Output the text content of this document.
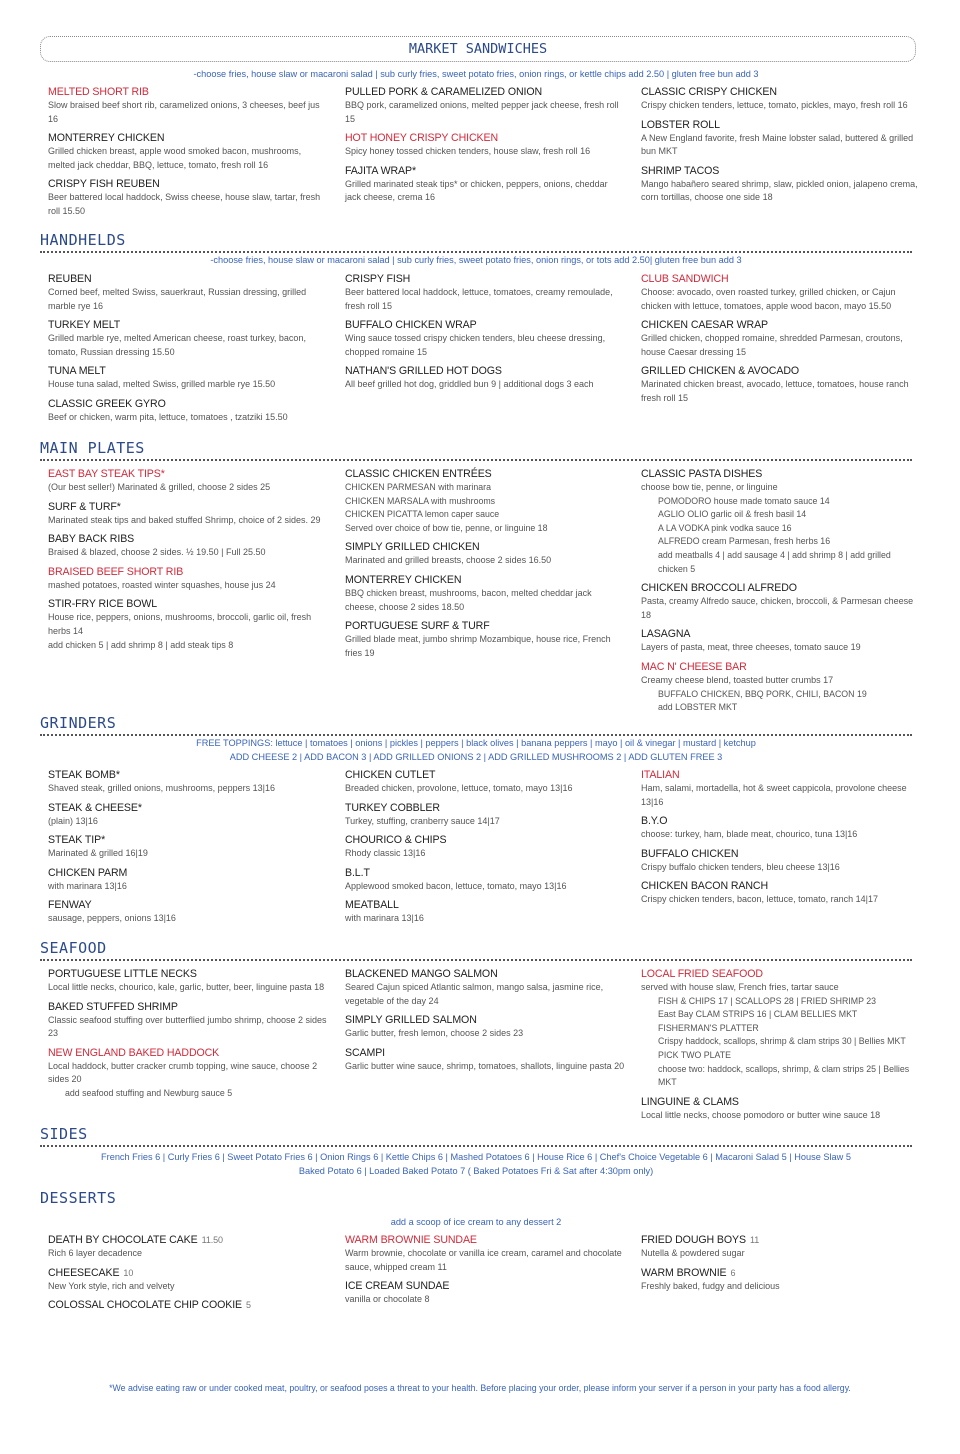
MARKET SANDWICHES
-choose fries, house slaw or macaroni salad | sub curly fries, sweet potato fries, onion rings, or kettle chips add 2.50 | gluten free bun add 3
MELTED SHORT RIB
Slow braised beef short rib, caramelized onions, 3 cheeses, beef jus 16
MONTERREY CHICKEN
Grilled chicken breast, apple wood smoked bacon, mushrooms, melted jack cheddar, BBQ, lettuce, tomato, fresh roll 16
CRISPY FISH REUBEN
Beer battered local haddock, Swiss cheese, house slaw, tartar, fresh roll 15.50
PULLED PORK & CARAMELIZED ONION
BBQ pork, caramelized onions, melted pepper jack cheese, fresh roll 15
HOT HONEY CRISPY CHICKEN
Spicy honey tossed chicken tenders, house slaw, fresh roll 16
FAJITA WRAP*
Grilled marinated steak tips* or chicken, peppers, onions, cheddar jack cheese, crema 16
CLASSIC CRISPY CHICKEN
Crispy chicken tenders, lettuce, tomato, pickles, mayo, fresh roll 16
LOBSTER ROLL
A New England favorite, fresh Maine lobster salad, buttered & grilled bun MKT
SHRIMP TACOS
Mango habañero seared shrimp, slaw, pickled onion, jalapeno crema, corn tortillas, choose one side 18
HANDHELDS
-choose fries, house slaw or macaroni salad | sub curly fries, sweet potato fries, onion rings, or tots add 2.50| gluten free bun add 3
REUBEN
Corned beef, melted Swiss, sauerkraut, Russian dressing, grilled marble rye 16
TURKEY MELT
Grilled marble rye, melted American cheese, roast turkey, bacon, tomato, Russian dressing 15.50
TUNA MELT
House tuna salad, melted Swiss, grilled marble rye 15.50
CLASSIC GREEK GYRO
Beef or chicken, warm pita, lettuce, tomatoes , tzatziki 15.50
CRISPY FISH
Beer battered local haddock, lettuce, tomatoes, creamy remoulade, fresh roll 15
BUFFALO CHICKEN WRAP
Wing sauce tossed crispy chicken tenders, bleu cheese dressing, chopped romaine 15
NATHAN'S GRILLED HOT DOGS
All beef grilled hot dog, griddled bun 9 | additional dogs 3 each
CLUB SANDWICH
Choose: avocado, oven roasted turkey, grilled chicken, or Cajun chicken with lettuce, tomatoes, apple wood bacon, mayo 15.50
CHICKEN CAESAR WRAP
Grilled chicken, chopped romaine, shredded Parmesan, croutons, house Caesar dressing 15
GRILLED CHICKEN & AVOCADO
Marinated chicken breast, avocado, lettuce, tomatoes, house ranch fresh roll 15
MAIN PLATES
EAST BAY STEAK TIPS*
(Our best seller!) Marinated & grilled, choose 2 sides 25
SURF & TURF*
Marinated steak tips and baked stuffed Shrimp, choice of 2 sides. 29
BABY BACK RIBS
Braised & blazed, choose 2 sides. ½ 19.50 | Full 25.50
BRAISED BEEF SHORT RIB
mashed potatoes, roasted winter squashes, house jus 24
STIR-FRY RICE BOWL
House rice, peppers, onions, mushrooms, broccoli, garlic oil, fresh herbs 14
add chicken 5 | add shrimp 8 | add steak tips 8
CLASSIC CHICKEN ENTRÉES
CHICKEN PARMESAN with marinara
CHICKEN MARSALA with mushrooms
CHICKEN PICATTA lemon caper sauce
Served over choice of bow tie, penne, or linguine 18
SIMPLY GRILLED CHICKEN
Marinated and grilled breasts, choose 2 sides 16.50
MONTERREY CHICKEN
BBQ chicken breast, mushrooms, bacon, melted cheddar jack cheese, choose 2 sides 18.50
PORTUGUESE SURF & TURF
Grilled blade meat, jumbo shrimp Mozambique, house rice, French fries 19
CLASSIC PASTA DISHES
choose bow tie, penne, or linguine
POMODORO house made tomato sauce 14
AGLIO OLIO garlic oil & fresh basil 14
A LA VODKA pink vodka sauce 16
ALFREDO cream Parmesan, fresh herbs 16
add meatballs 4 | add sausage 4 | add shrimp 8 | add grilled chicken 5
CHICKEN BROCCOLI ALFREDO
Pasta, creamy Alfredo sauce, chicken, broccoli, & Parmesan cheese 18
LASAGNA
Layers of pasta, meat, three cheeses, tomato sauce 19
MAC N' CHEESE BAR
Creamy cheese blend, toasted butter crumbs 17
BUFFALO CHICKEN, BBQ PORK, CHILI, BACON 19
add LOBSTER MKT
GRINDERS
FREE TOPPINGS: lettuce | tomatoes | onions | pickles | peppers | black olives | banana peppers | mayo | oil & vinegar | mustard | ketchup
ADD CHEESE 2 | ADD BACON 3 | ADD GRILLED ONIONS 2 | ADD GRILLED MUSHROOMS 2 | ADD GLUTEN FREE 3
STEAK BOMB*
Shaved steak, grilled onions, mushrooms, peppers 13|16
STEAK & CHEESE*
(plain) 13|16
STEAK TIP*
Marinated & grilled 16|19
CHICKEN PARM
with marinara 13|16
FENWAY
sausage, peppers, onions 13|16
CHICKEN CUTLET
Breaded chicken, provolone, lettuce, tomato, mayo 13|16
TURKEY COBBLER
Turkey, stuffing, cranberry sauce 14|17
CHOURICO & CHIPS
Rhody classic 13|16
B.L.T
Applewood smoked bacon, lettuce, tomato, mayo 13|16
MEATBALL
with marinara 13|16
ITALIAN
Ham, salami, mortadella, hot & sweet cappicola, provolone cheese 13|16
B.Y.O
choose: turkey, ham, blade meat, chourico, tuna 13|16
BUFFALO CHICKEN
Crispy buffalo chicken tenders, bleu cheese 13|16
CHICKEN BACON RANCH
Crispy chicken tenders, bacon, lettuce, tomato, ranch 14|17
SEAFOOD
PORTUGUESE LITTLE NECKS
Local little necks, chourico, kale, garlic, butter, beer, linguine pasta 18
BAKED STUFFED SHRIMP
Classic seafood stuffing over butterflied jumbo shrimp, choose 2 sides 23
NEW ENGLAND BAKED HADDOCK
Local haddock, butter cracker crumb topping, wine sauce, choose 2 sides 20
add seafood stuffing and Newburg sauce 5
BLACKENED MANGO SALMON
Seared Cajun spiced Atlantic salmon, mango salsa, jasmine rice, vegetable of the day 24
SIMPLY GRILLED SALMON
Garlic butter, fresh lemon, choose 2 sides 23
SCAMPI
Garlic butter wine sauce, shrimp, tomatoes, shallots, linguine pasta 20
LOCAL FRIED SEAFOOD
served with house slaw, French fries, tartar sauce
FISH & CHIPS 17 | SCALLOPS 28 | FRIED SHRIMP 23
East Bay CLAM STRIPS 16 | CLAM BELLIES MKT
FISHERMAN'S PLATTER
Crispy haddock, scallops, shrimp & clam strips 30 | Bellies MKT
PICK TWO PLATE
choose two: haddock, scallops, shrimp, & clam strips 25 | Bellies MKT
LINGUINE & CLAMS
Local little necks, choose pomodoro or butter wine sauce 18
SIDES
French Fries 6 | Curly Fries 6 | Sweet Potato Fries 6 | Onion Rings 6 | Kettle Chips 6 | Mashed Potatoes 6 | House Rice 6 | Chef's Choice Vegetable 6 | Macaroni Salad 5 | House Slaw 5
Baked Potato 6 | Loaded Baked Potato 7 ( Baked Potatoes Fri & Sat after 4:30pm only)
DESSERTS
add a scoop of ice cream to any dessert 2
DEATH BY CHOCOLATE CAKE 11.50
Rich 6 layer decadence
CHEESECAKE 10
New York style, rich and velvety
COLOSSAL CHOCOLATE CHIP COOKIE 5
WARM BROWNIE SUNDAE
Warm brownie, chocolate or vanilla ice cream, caramel and chocolate sauce, whipped cream 11
ICE CREAM SUNDAE
vanilla or chocolate 8
FRIED DOUGH BOYS 11
Nutella & powdered sugar
WARM BROWNIE 6
Freshly baked, fudgy and delicious
*We advise eating raw or under cooked meat, poultry, or seafood poses a threat to your health. Before placing your order, please inform your server if a person in your party has a food allergy.
